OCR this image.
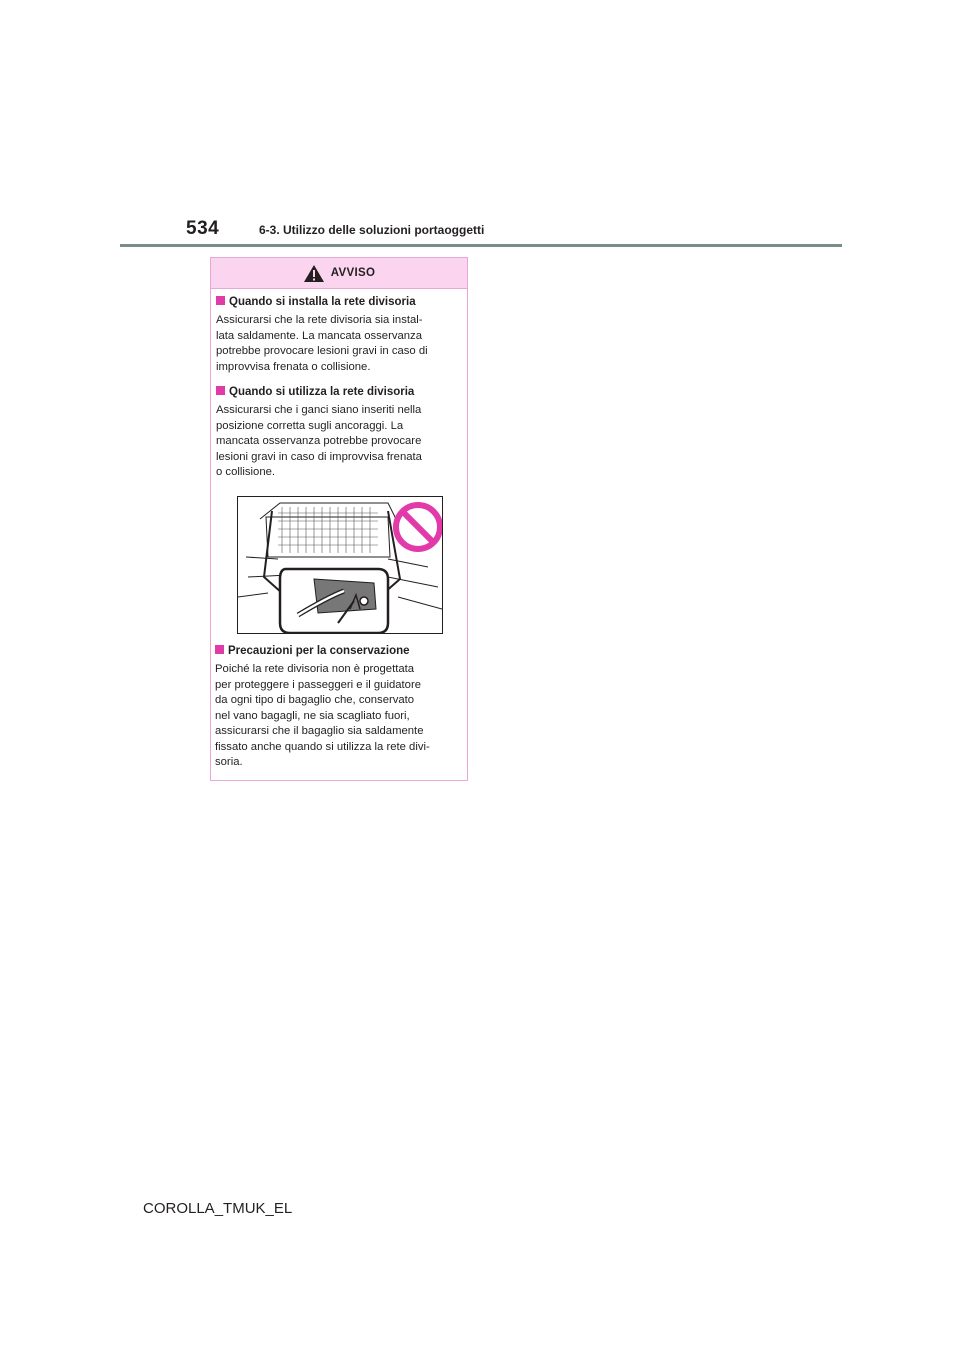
534	6-3. Utilizzo delle soluzioni portaoggetti
AVVISO

Quando si installa la rete divisoria

Assicurarsi che la rete divisoria sia instal-
lata saldamente. La mancata osservanza
potrebbe provocare lesioni gravi in caso di
improvvisa frenata o collisione.

Quando si utilizza la rete divisoria

Assicurarsi che i ganci siano inseriti nella
posizione corretta sugli ancoraggi. La
mancata osservanza potrebbe provocare
lesioni gravi in caso di improvvisa frenata
o collisione.

Precauzioni per la conservazione

Poiché la rete divisoria non è progettata
per proteggere i passeggeri e il guidatore
da ogni tipo di bagaglio che, conservato
nel vano bagagli, ne sia scagliato fuori,
assicurarsi che il bagaglio sia saldamente
fissato anche quando si utilizza la rete divi-
soria.

COROLLA_TMUK_EL
